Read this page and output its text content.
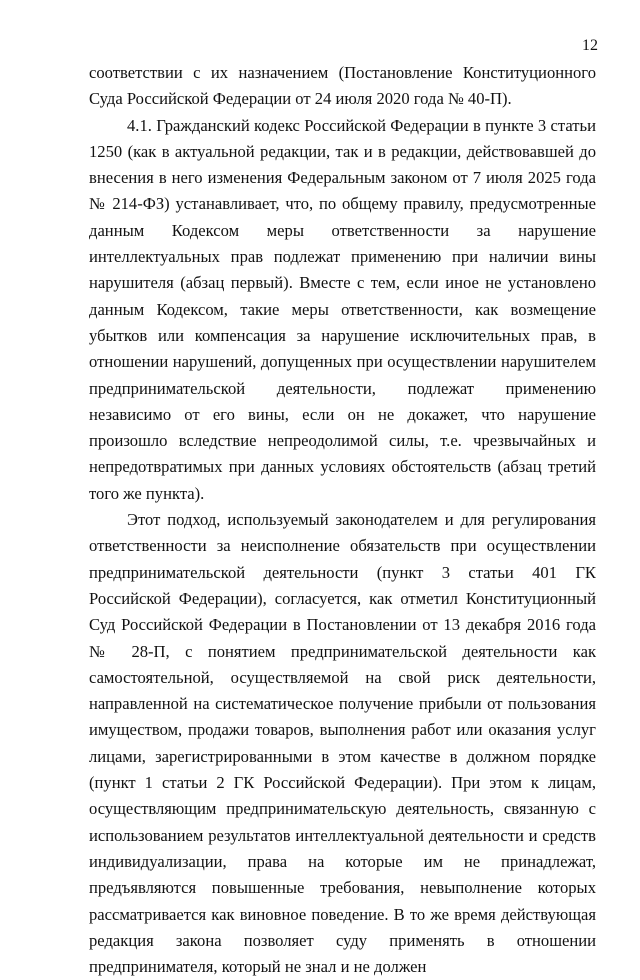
12

соответствии с их назначением (Постановление Конституционного Суда Российской Федерации от 24 июля 2020 года № 40-П).

4.1. Гражданский кодекс Российской Федерации в пункте 3 статьи 1250 (как в актуальной редакции, так и в редакции, действовавшей до внесения в него изменения Федеральным законом от 7 июля 2025 года № 214-ФЗ) устанавливает, что, по общему правилу, предусмотренные данным Кодексом меры ответственности за нарушение интеллектуальных прав подлежат применению при наличии вины нарушителя (абзац первый). Вместе с тем, если иное не установлено данным Кодексом, такие меры ответственности, как возмещение убытков или компенсация за нарушение исключительных прав, в отношении нарушений, допущенных при осуществлении нарушителем предпринимательской деятельности, подлежат применению независимо от его вины, если он не докажет, что нарушение произошло вследствие непреодолимой силы, т.е. чрезвычайных и непредотвратимых при данных условиях обстоятельств (абзац третий того же пункта).

Этот подход, используемый законодателем и для регулирования ответственности за неисполнение обязательств при осуществлении предпринимательской деятельности (пункт 3 статьи 401 ГК Российской Федерации), согласуется, как отметил Конституционный Суд Российской Федерации в Постановлении от 13 декабря 2016 года № 28-П, с понятием предпринимательской деятельности как самостоятельной, осуществляемой на свой риск деятельности, направленной на систематическое получение прибыли от пользования имуществом, продажи товаров, выполнения работ или оказания услуг лицами, зарегистрированными в этом качестве в должном порядке (пункт 1 статьи 2 ГК Российской Федерации). При этом к лицам, осуществляющим предпринимательскую деятельность, связанную с использованием результатов интеллектуальной деятельности и средств индивидуализации, права на которые им не принадлежат, предъявляются повышенные требования, невыполнение которых рассматривается как виновное поведение. В то же время действующая редакция закона позволяет суду применять в отношении предпринимателя, который не знал и не должен
